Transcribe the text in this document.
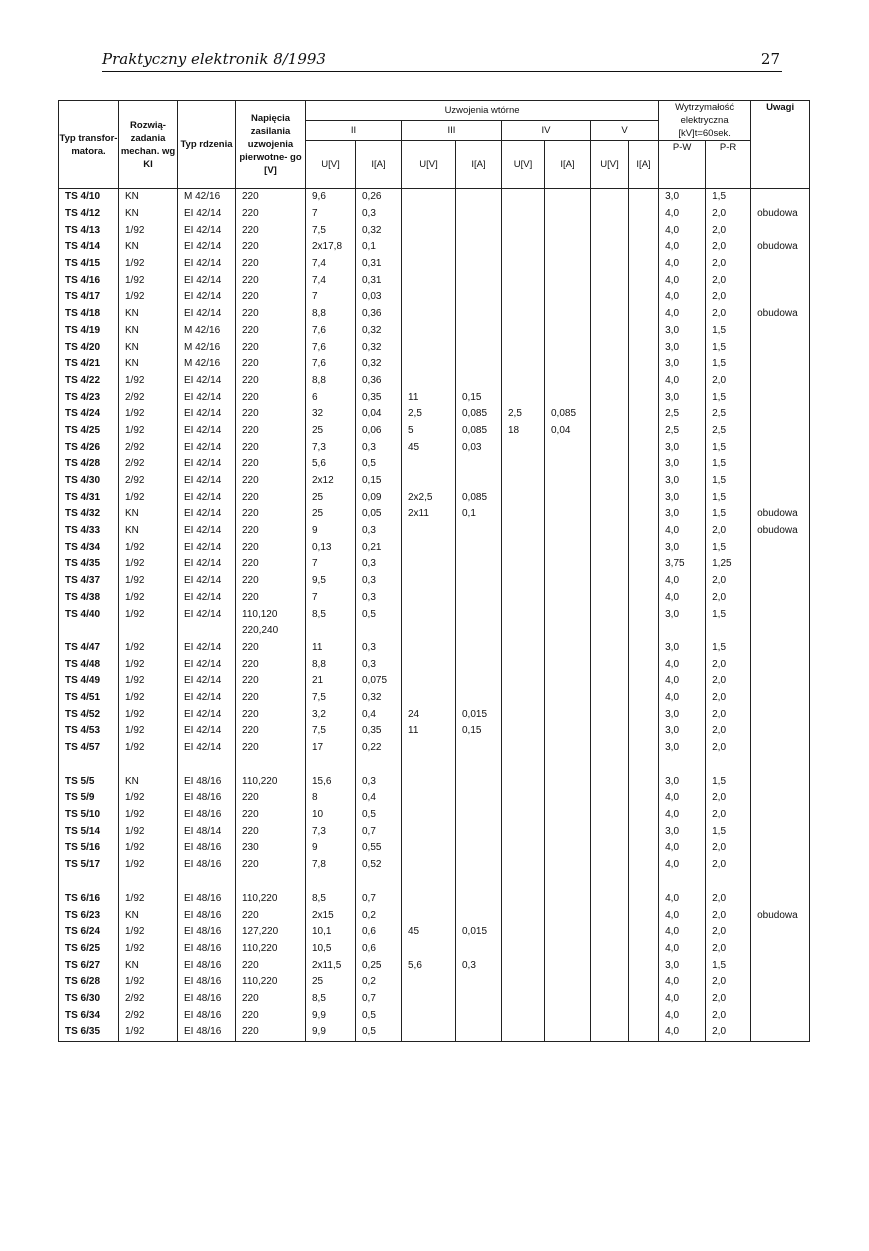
Praktyczny elektronik 8/1993	27
Typ transfor- matora.	Rozwią- zadania mechan. wg KI	Typ rdzenia	Napięcia zasilania uzwojenia pierwotne- go [V]	Uzwojenia wtórne								Wytrzymałość elektryczna [kV]t=60sek.		Uwagi
				II		III		IV		V				
				U[V]	I[A]	U[V]	I[A]	U[V]	I[A]	U[V]	I[A]	P-W	P-R	
TS 4/10	KN	M 42/16	220	9,6	0,26							3,0	1,5	
TS 4/12	KN	EI 42/14	220	7	0,3							4,0	2,0	obudowa
TS 4/13	1/92	EI 42/14	220	7,5	0,32							4,0	2,0	
TS 4/14	KN	EI 42/14	220	2x17,8	0,1							4,0	2,0	obudowa
TS 4/15	1/92	EI 42/14	220	7,4	0,31							4,0	2,0	
TS 4/16	1/92	EI 42/14	220	7,4	0,31							4,0	2,0	
TS 4/17	1/92	EI 42/14	220	7	0,03							4,0	2,0	
TS 4/18	KN	EI 42/14	220	8,8	0,36							4,0	2,0	obudowa
TS 4/19	KN	M 42/16	220	7,6	0,32							3,0	1,5	
TS 4/20	KN	M 42/16	220	7,6	0,32							3,0	1,5	
TS 4/21	KN	M 42/16	220	7,6	0,32							3,0	1,5	
TS 4/22	1/92	EI 42/14	220	8,8	0,36							4,0	2,0	
TS 4/23	2/92	EI 42/14	220	6	0,35	11	0,15					3,0	1,5	
TS 4/24	1/92	EI 42/14	220	32	0,04	2,5	0,085	2,5	0,085			2,5	2,5	
TS 4/25	1/92	EI 42/14	220	25	0,06	5	0,085	18	0,04			2,5	2,5	
TS 4/26	2/92	EI 42/14	220	7,3	0,3	45	0,03					3,0	1,5	
TS 4/28	2/92	EI 42/14	220	5,6	0,5							3,0	1,5	
TS 4/30	2/92	EI 42/14	220	2x12	0,15							3,0	1,5	
TS 4/31	1/92	EI 42/14	220	25	0,09	2x2,5	0,085					3,0	1,5	
TS 4/32	KN	EI 42/14	220	25	0,05	2x11	0,1					3,0	1,5	obudowa
TS 4/33	KN	EI 42/14	220	9	0,3							4,0	2,0	obudowa
TS 4/34	1/92	EI 42/14	220	0,13	0,21							3,0	1,5	
TS 4/35	1/92	EI 42/14	220	7	0,3							3,75	1,25	
TS 4/37	1/92	EI 42/14	220	9,5	0,3							4,0	2,0	
TS 4/38	1/92	EI 42/14	220	7	0,3							4,0	2,0	
TS 4/40	1/92	EI 42/14	110,120	8,5	0,5							3,0	1,5	
			220,240											
TS 4/47	1/92	EI 42/14	220	11	0,3							3,0	1,5	
TS 4/48	1/92	EI 42/14	220	8,8	0,3							4,0	2,0	
TS 4/49	1/92	EI 42/14	220	21	0,075							4,0	2,0	
TS 4/51	1/92	EI 42/14	220	7,5	0,32							4,0	2,0	
TS 4/52	1/92	EI 42/14	220	3,2	0,4	24	0,015					3,0	2,0	
TS 4/53	1/92	EI 42/14	220	7,5	0,35	11	0,15					3,0	2,0	
TS 4/57	1/92	EI 42/14	220	17	0,22							3,0	2,0	

TS 5/5	KN	EI 48/16	110,220	15,6	0,3							3,0	1,5	
TS 5/9	1/92	EI 48/16	220	8	0,4							4,0	2,0	
TS 5/10	1/92	EI 48/16	220	10	0,5							4,0	2,0	
TS 5/14	1/92	EI 48/14	220	7,3	0,7							3,0	1,5	
TS 5/16	1/92	EI 48/16	230	9	0,55							4,0	2,0	
TS 5/17	1/92	EI 48/16	220	7,8	0,52							4,0	2,0	

TS 6/16	1/92	EI 48/16	110,220	8,5	0,7							4,0	2,0	
TS 6/23	KN	EI 48/16	220	2x15	0,2							4,0	2,0	obudowa
TS 6/24	1/92	EI 48/16	127,220	10,1	0,6	45	0,015					4,0	2,0	
TS 6/25	1/92	EI 48/16	110,220	10,5	0,6							4,0	2,0	
TS 6/27	KN	EI 48/16	220	2x11,5	0,25	5,6	0,3					3,0	1,5	
TS 6/28	1/92	EI 48/16	110,220	25	0,2							4,0	2,0	
TS 6/30	2/92	EI 48/16	220	8,5	0,7							4,0	2,0	
TS 6/34	2/92	EI 48/16	220	9,9	0,5							4,0	2,0	
TS 6/35	1/92	EI 48/16	220	9,9	0,5							4,0	2,0	
